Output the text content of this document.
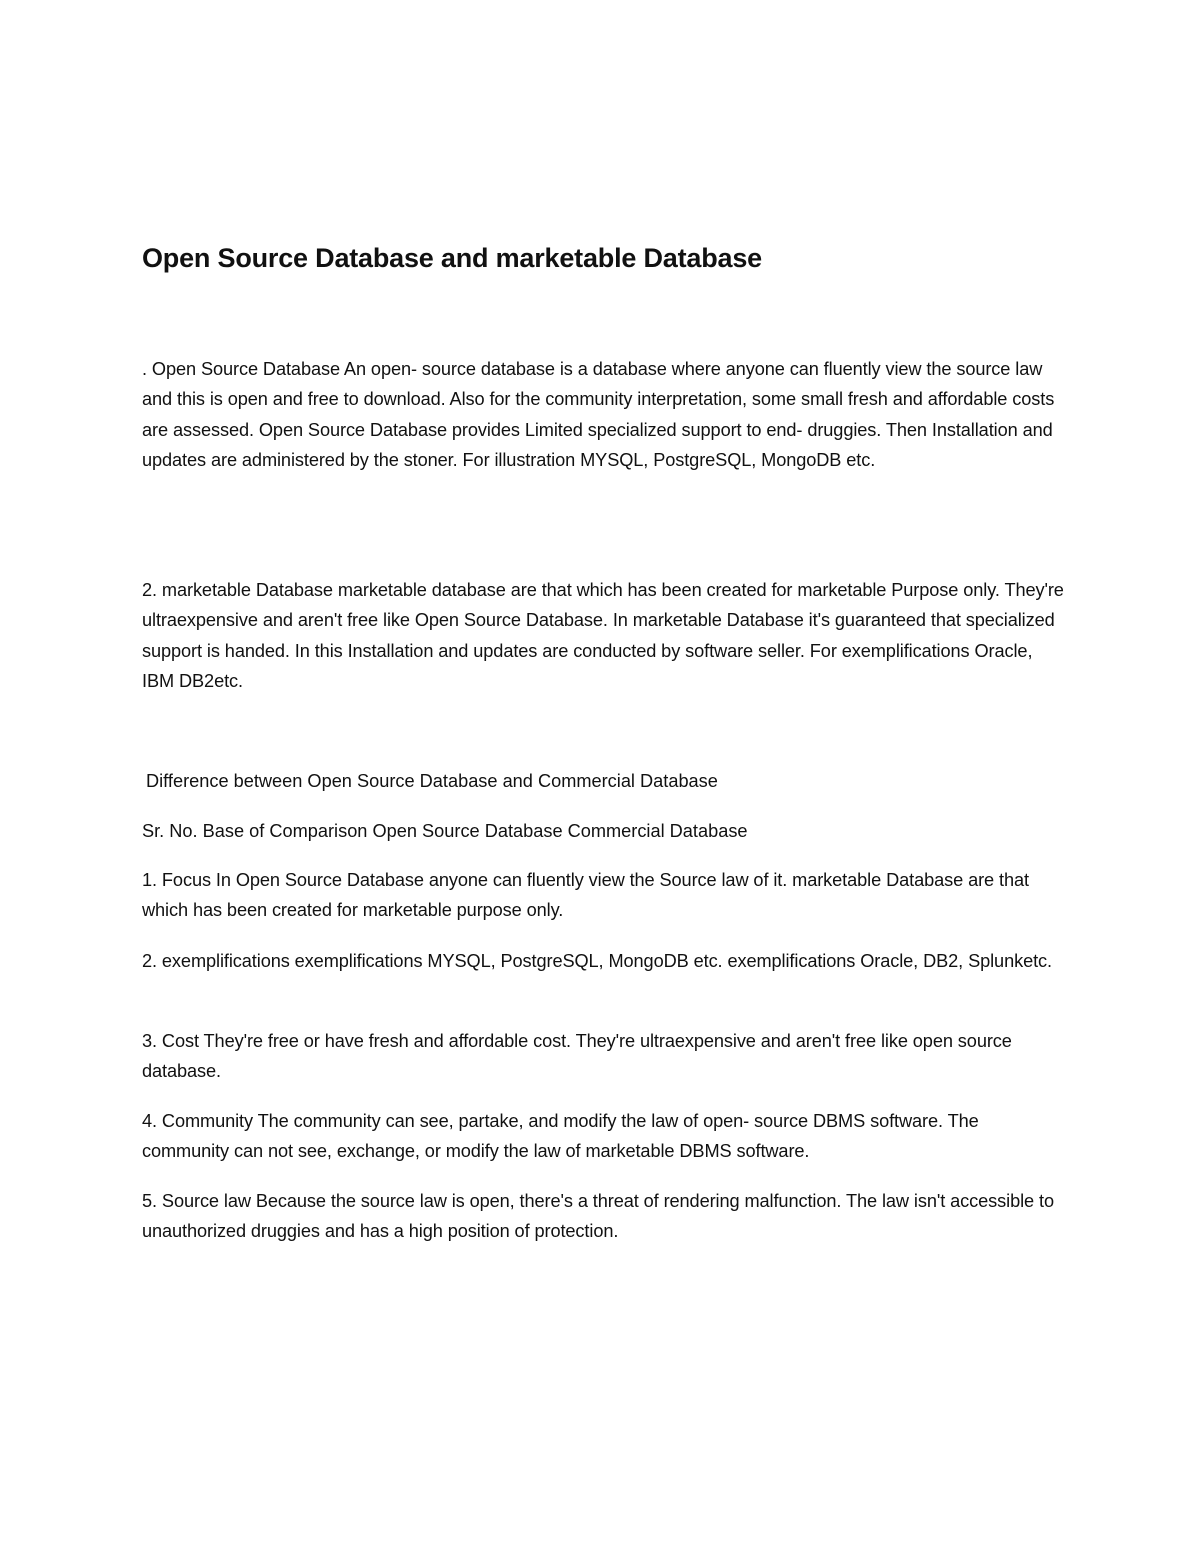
Open Source Database and marketable Database

. Open Source Database An open- source database is a database where anyone can fluently view the source law and this is open and free to download. Also for the community interpretation, some small fresh and affordable costs are assessed. Open Source Database provides Limited specialized support to end- druggies. Then Installation and updates are administered by the stoner. For illustration MYSQL, PostgreSQL, MongoDB etc.

2. marketable Database marketable database are that which has been created for marketable Purpose only. They're ultraexpensive and aren't free like Open Source Database. In marketable Database it's guaranteed that specialized support is handed. In this Installation and updates are conducted by software seller. For exemplifications Oracle, IBM DB2etc.

Difference between Open Source Database and Commercial Database

Sr. No. Base of Comparison Open Source Database Commercial Database

1. Focus In Open Source Database anyone can fluently view the Source law of it. marketable Database are that which has been created for marketable purpose only.

2. exemplifications exemplifications MYSQL, PostgreSQL, MongoDB etc. exemplifications Oracle, DB2, Splunketc.

3. Cost They're free or have fresh and affordable cost. They're ultraexpensive and aren't free like open source database.

4. Community The community can see, partake, and modify the law of open- source DBMS software. The community can not see, exchange, or modify the law of marketable DBMS software.

5. Source law Because the source law is open, there's a threat of rendering malfunction. The law isn't accessible to unauthorized druggies and has a high position of protection.
